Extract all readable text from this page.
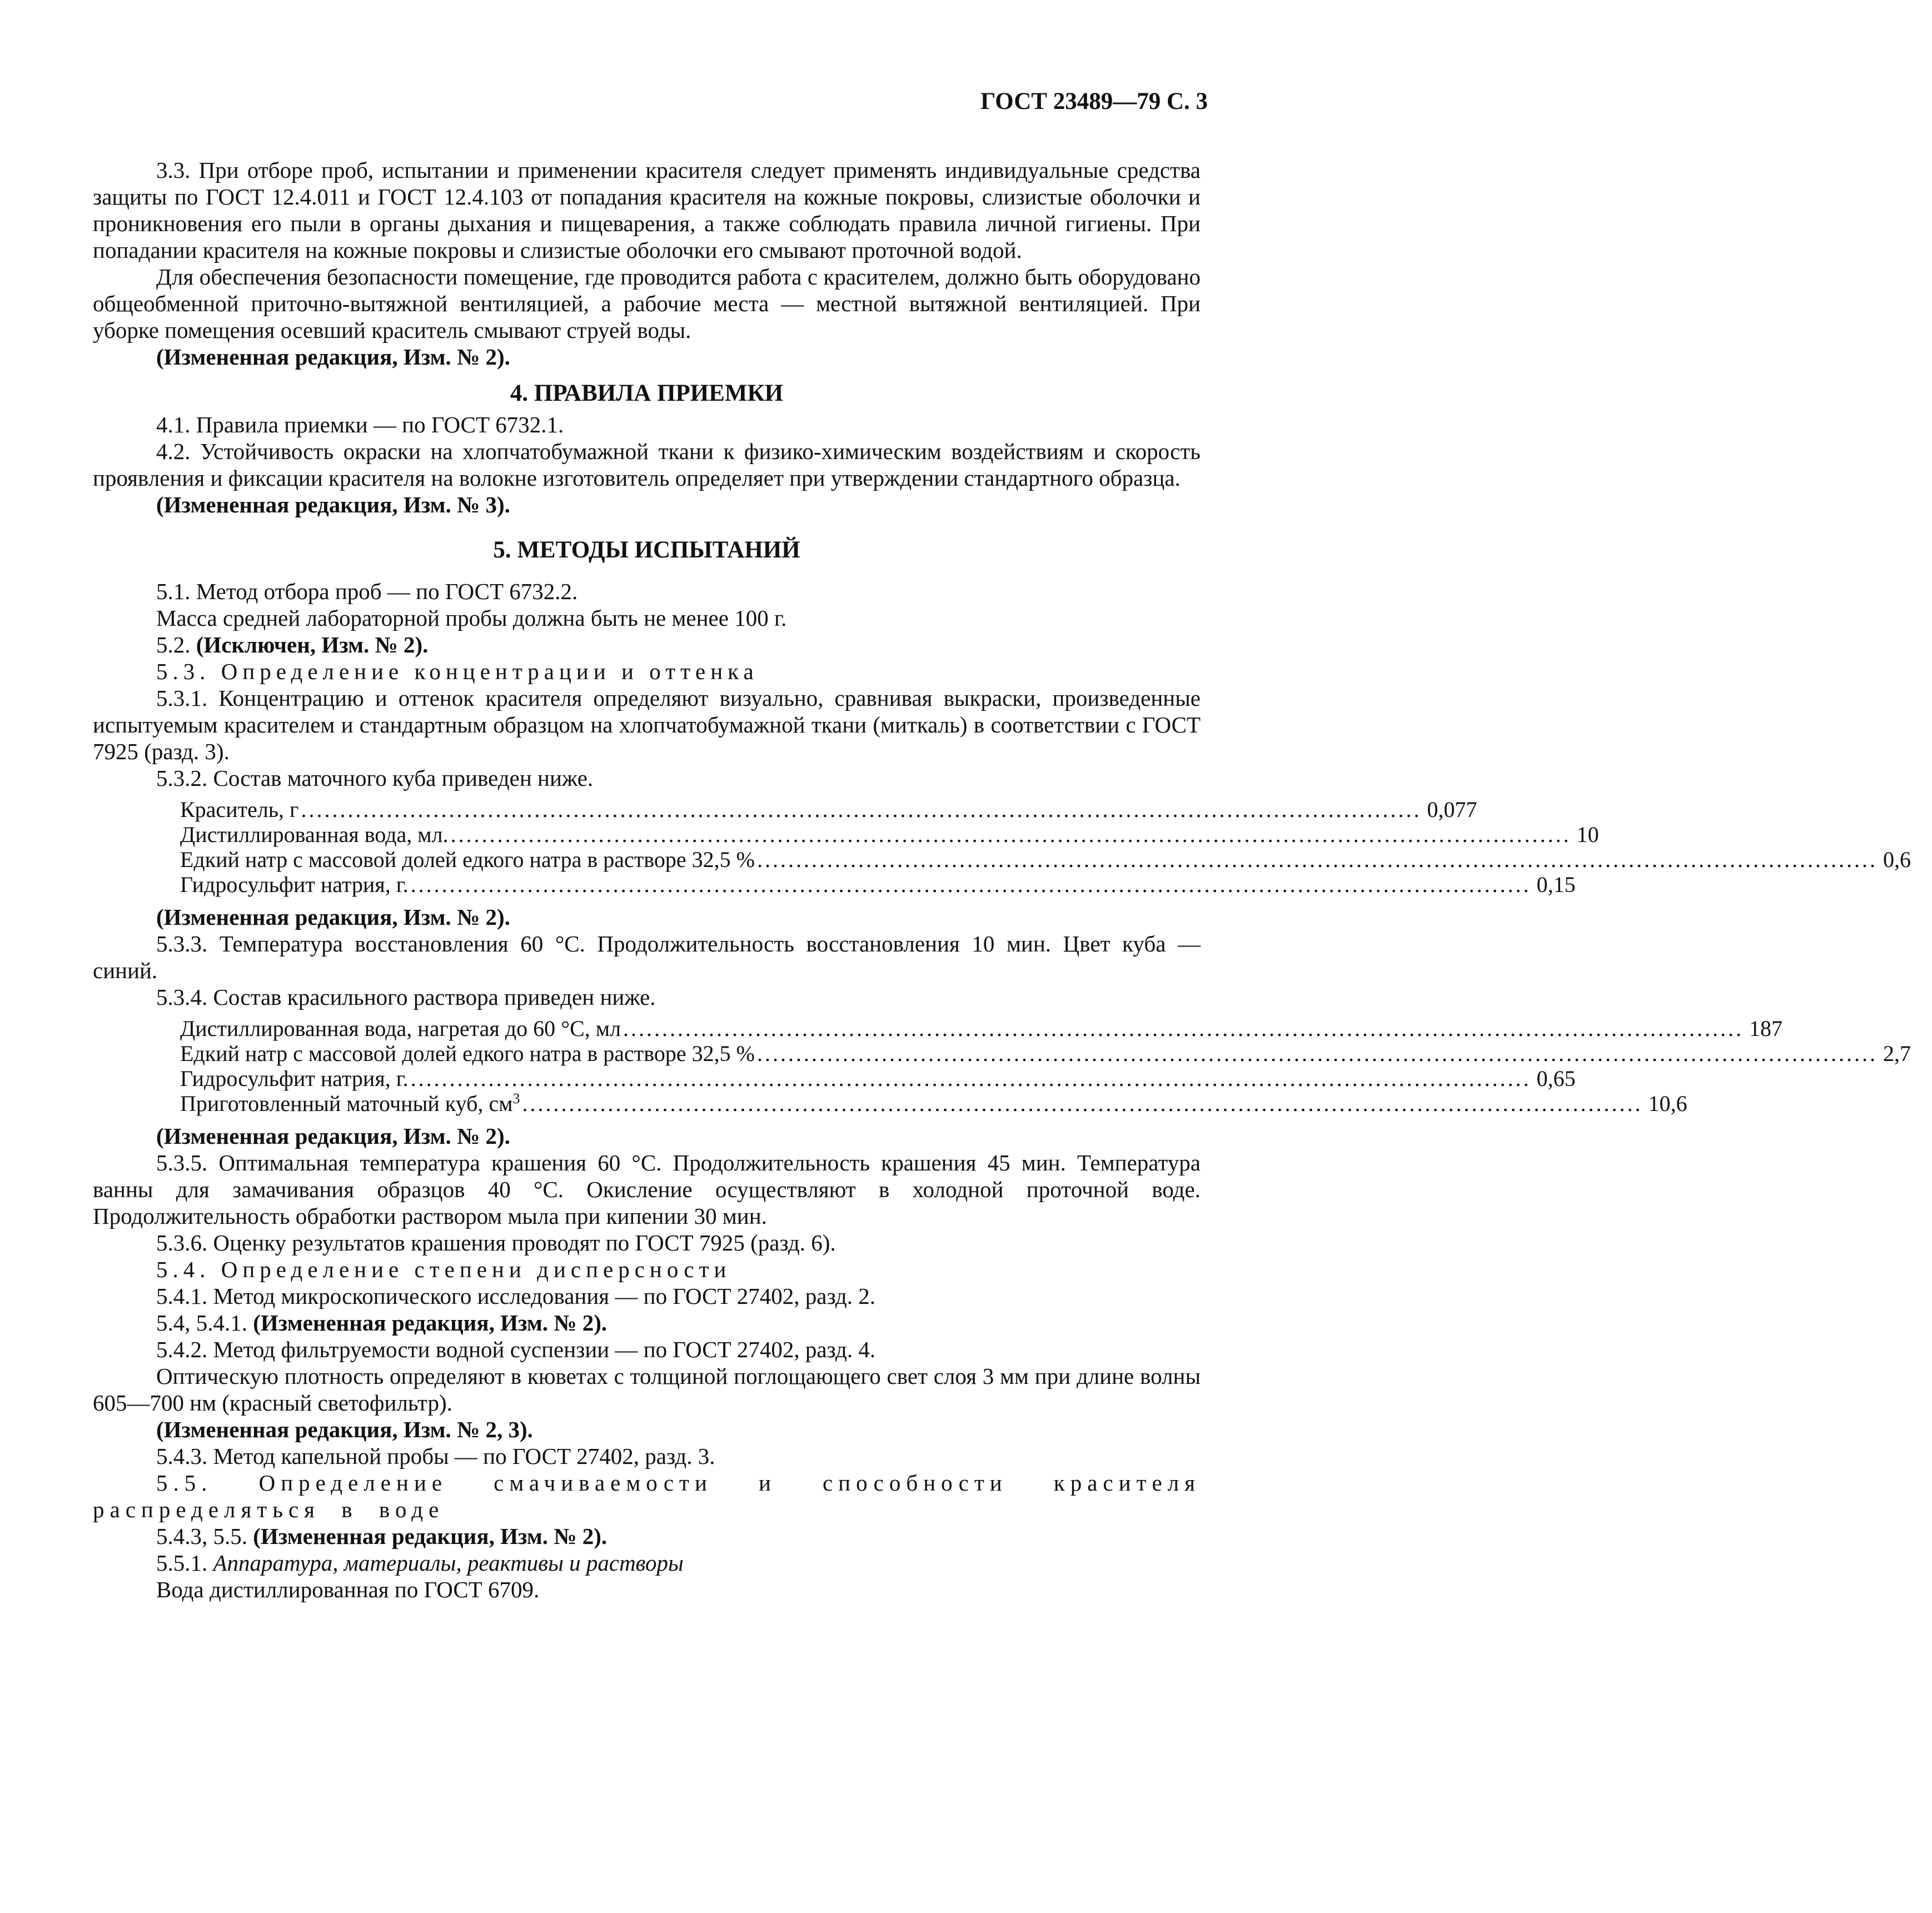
ГОСТ 23489—79 С. 3

3.3. При отборе проб, испытании и применении красителя следует применять индивидуальные средства защиты по ГОСТ 12.4.011 и ГОСТ 12.4.103 от попадания красителя на кожные покровы, слизистые оболочки и проникновения его пыли в органы дыхания и пищеварения, а также соблюдать правила личной гигиены. При попадании красителя на кожные покровы и слизистые оболочки его смывают проточной водой.

Для обеспечения безопасности помещение, где проводится работа с красителем, должно быть оборудовано общеобменной приточно-вытяжной вентиляцией, а рабочие места — местной вытяжной вентиляцией. При уборке помещения осевший краситель смывают струей воды.

(Измененная редакция, Изм. № 2).

4. ПРАВИЛА ПРИЕМКИ

4.1. Правила приемки — по ГОСТ 6732.1.

4.2. Устойчивость окраски на хлопчатобумажной ткани к физико-химическим воздействиям и скорость проявления и фиксации красителя на волокне изготовитель определяет при утверждении стандартного образца.

(Измененная редакция, Изм. № 3).

5. МЕТОДЫ ИСПЫТАНИЙ

5.1. Метод отбора проб — по ГОСТ 6732.2.

Масса средней лабораторной пробы должна быть не менее 100 г.

5.2. (Исключен, Изм. № 2).

5.3. Определение концентрации и оттенка

5.3.1. Концентрацию и оттенок красителя определяют визуально, сравнивая выкраски, произведенные испытуемым красителем и стандартным образцом на хлопчатобумажной ткани (миткаль) в соответствии с ГОСТ 7925 (разд. 3).

5.3.2. Состав маточного куба приведен ниже.

Краситель, г ................................................................................................................................................ 0,077
Дистиллированная вода, мл. ................................................................................................................................................ 10
Едкий натр с массовой долей едкого натра в растворе 32,5 % ................................................................................................................................................ 0,6
Гидросульфит натрия, г. ................................................................................................................................................ 0,15

(Измененная редакция, Изм. № 2).

5.3.3. Температура восстановления 60 °С. Продолжительность восстановления 10 мин. Цвет куба — синий.

5.3.4. Состав красильного раствора приведен ниже.

Дистиллированная вода, нагретая до 60 °С, мл ................................................................................................................................................ 187
Едкий натр с массовой долей едкого натра в растворе 32,5 % ................................................................................................................................................ 2,7
Гидросульфит натрия, г. ................................................................................................................................................ 0,65
Приготовленный маточный куб, $см^3$ ................................................................................................................................................ 10,6

(Измененная редакция, Изм. № 2).

5.3.5. Оптимальная температура крашения 60 °С. Продолжительность крашения 45 мин. Температура ванны для замачивания образцов 40 °С. Окисление осуществляют в холодной проточной воде. Продолжительность обработки раствором мыла при кипении 30 мин.

5.3.6. Оценку результатов крашения проводят по ГОСТ 7925 (разд. 6).

5.4. Определение степени дисперсности

5.4.1. Метод микроскопического исследования — по ГОСТ 27402, разд. 2.

5.4, 5.4.1. (Измененная редакция, Изм. № 2).

5.4.2. Метод фильтруемости водной суспензии — по ГОСТ 27402, разд. 4.

Оптическую плотность определяют в кюветах с толщиной поглощающего свет слоя 3 мм при длине волны 605—700 нм (красный светофильтр).

(Измененная редакция, Изм. № 2, 3).

5.4.3. Метод капельной пробы — по ГОСТ 27402, разд. 3.

5.5. Определение смачиваемости и способности красителя распределяться в воде

5.4.3, 5.5. (Измененная редакция, Изм. № 2).

5.5.1. Аппаратура, материалы, реактивы и растворы

Вода дистиллированная по ГОСТ 6709.
